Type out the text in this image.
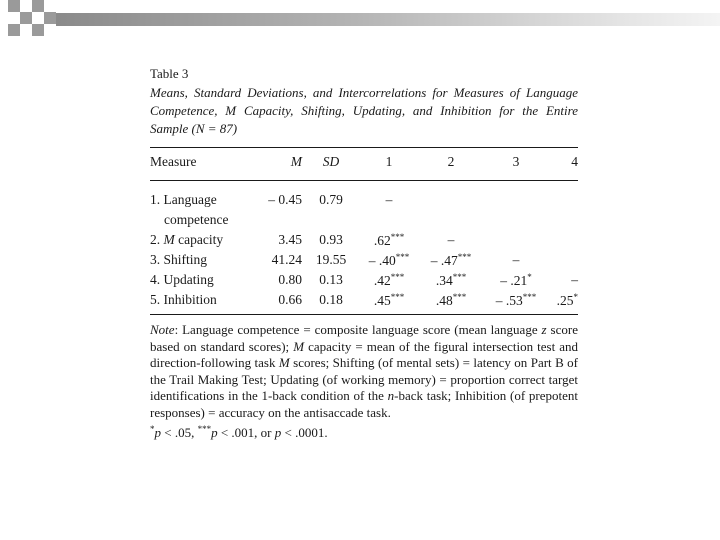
Table 3

Means, Standard Deviations, and Intercorrelations for Measures of Language Competence, M Capacity, Shifting, Updating, and Inhibition for the Entire Sample (N = 87)

Measure	M	SD	1	2	3	4
1. Language	– 0.45	0.79	–			
competence						
2. M capacity	3.45	0.93	.62***	–		
3. Shifting	41.24	19.55	– .40***	– .47***	–	
4. Updating	0.80	0.13	.42***	.34***	– .21*	–
5. Inhibition	0.66	0.18	.45***	.48***	– .53***	.25*
Note: Language competence = composite language score (mean language z score based on standard scores); M capacity = mean of the figural intersection test and direction-following task M scores; Shifting (of mental sets) = latency on Part B of the Trail Making Test; Updating (of working memory) = proportion correct target identifications in the 1-back condition of the n-back task; Inhibition (of prepotent responses) = accuracy on the antisaccade task.
*p < .05, ***p < .001, or p < .0001.
